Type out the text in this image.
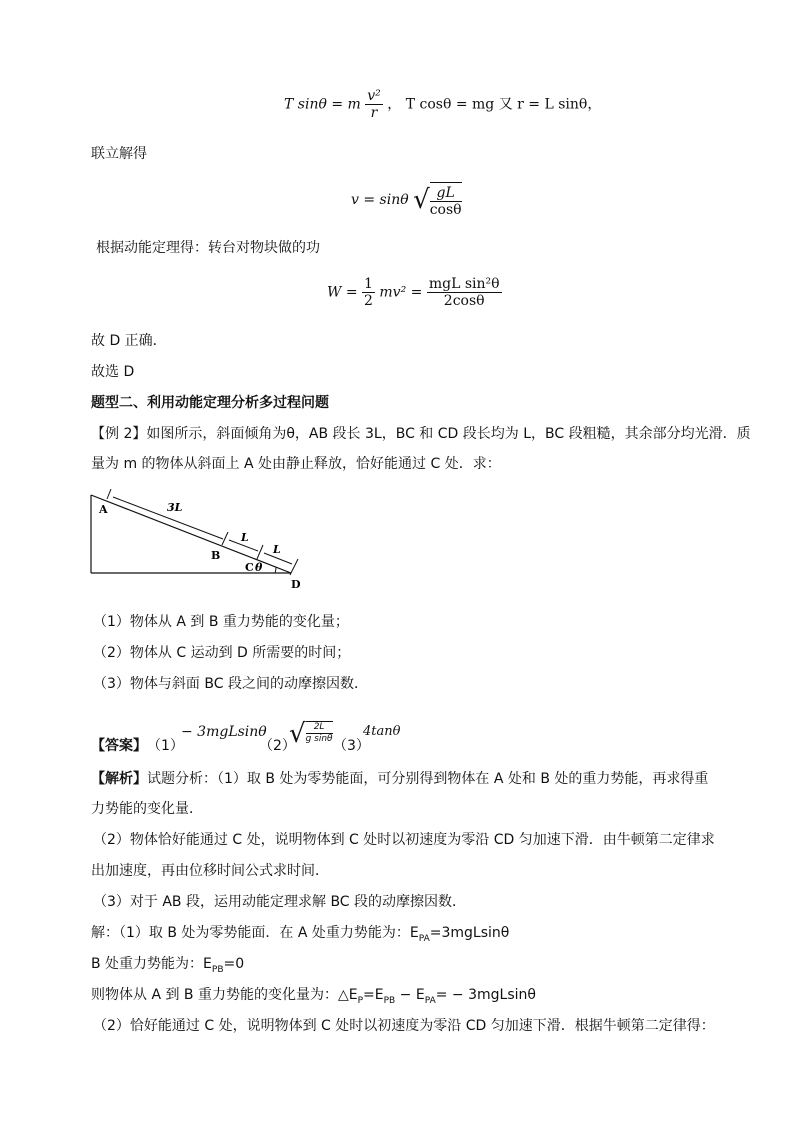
T sinθ = m $\frac{\text{v²}}{r}$ ， T cosθ = mg 又 r = L sinθ，
联立解得
v = sinθ √ $\frac{gL}{\cos\theta}$
根据动能定理得：转台对物块做的功
$W = \frac{1}{2} mv^2 = \frac{\text{mgL sin²θ}}{2\cos\theta}$
故 D 正确．
故选 D
题型二、利用动能定理分析多过程问题
【例 2】如图所示，斜面倾角为θ，AB 段长 3L，BC 和 CD 段长均为 L，BC 段粗糙，其余部分均光滑．质
量为 m 的物体从斜面上 A 处由静止释放，恰好能通过 C 处．求：
A	3L
B
L
C θ
L
D
（1）物体从 A 到 B 重力势能的变化量；
（2）物体从 C 运动到 D 所需要的时间；
（3）物体与斜面 BC 段之间的动摩擦因数．
【答案】 （1）
− 3mgLsinθ
（2）
√ $\frac{2L}{\text{g sinθ}}$
（3）
4tanθ
【解析】试题分析：（1）取 B 处为零势能面，可分别得到物体在 A 处和 B 处的重力势能，再求得重
力势能的变化量．
（2）物体恰好能通过 C 处，说明物体到 C 处时以初速度为零沿 CD 匀加速下滑．由牛顿第二定律求
出加速度，再由位移时间公式求时间．
（3）对于 AB 段，运用动能定理求解 BC 段的动摩擦因数．
解：（1）取 B 处为零势能面．在 A 处重力势能为：$E_{PA}=3mgLsin\theta$
B 处重力势能为：$E_{PB}=0$
则物体从 A 到 B 重力势能的变化量为：$\triangle E_P=E_{PB} - E_{PA}= - 3mgLsin\theta$
（2）恰好能通过 C 处，说明物体到 C 处时以初速度为零沿 CD 匀加速下滑．根据牛顿第二定律得：
